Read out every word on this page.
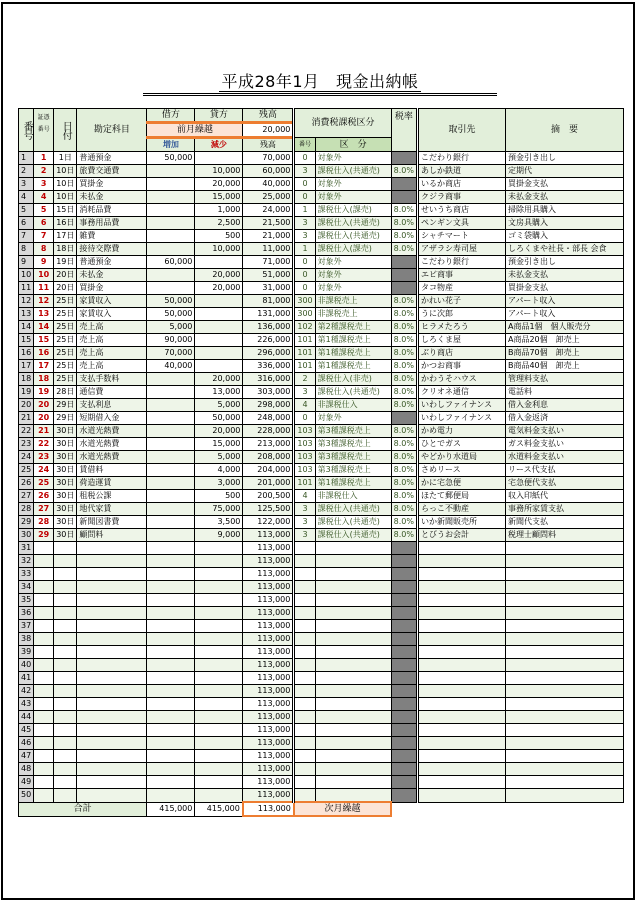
平成28年1月　現金出納帳
番号	証憑番号	日付	勘定科目	借方	貸方	残高	消費税課税区分		税率	取引先	摘　要
				前月繰越		20,000					
				増加	減少	残高	番号	区　分			
1	1	1日	普通預金	50,000		70,000	0	対象外		こだわり銀行	預金引き出し
2	2	10日	旅費交通費		10,000	60,000	3	課税仕入(共通売)	8.0%	あしか鉄道	定期代
3	3	10日	買掛金		20,000	40,000	0	対象外		いるか商店	買掛金支払
4	4	10日	未払金		15,000	25,000	0	対象外		クジラ商事	未払金支払
5	5	15日	消耗品費		1,000	24,000	1	課税仕入(課売)	8.0%	せいうち商店	掃除用具購入
6	6	16日	事務用品費		2,500	21,500	3	課税仕入(共通売)	8.0%	ペンギン文具	文房具購入
7	7	17日	雑費		500	21,000	3	課税仕入(共通売)	8.0%	シャチマート	ゴミ袋購入
8	8	18日	接待交際費		10,000	11,000	1	課税仕入(課売)	8.0%	アザラシ寿司屋	しろくまや社長・部長 会食
9	9	19日	普通預金	60,000		71,000	0	対象外		こだわり銀行	預金引き出し
10	10	20日	未払金		20,000	51,000	0	対象外		エビ商事	未払金支払
11	11	20日	買掛金		20,000	31,000	0	対象外		タコ物産	買掛金支払
12	12	25日	家賃収入	50,000		81,000	300	非課税売上	8.0%	かれい花子	アパート収入
13	13	25日	家賃収入	50,000		131,000	300	非課税売上	8.0%	うに次郎	アパート収入
14	14	25日	売上高	5,000		136,000	102	第2種課税売上	8.0%	ヒラメたろう	A商品1個　個人販売分
15	15	25日	売上高	90,000		226,000	101	第1種課税売上	8.0%	しろくま屋	A商品20個　卸売上
16	16	25日	売上高	70,000		296,000	101	第1種課税売上	8.0%	ぶり商店	B商品70個　卸売上
17	17	25日	売上高	40,000		336,000	101	第1種課税売上	8.0%	かつお商事	B商品40個　卸売上
18	18	25日	支払手数料		20,000	316,000	2	課税仕入(非売)	8.0%	かわうそハウス	管理料支払
19	19	28日	通信費		13,000	303,000	3	課税仕入(共通売)	8.0%	クリオネ通信	電話料
20	20	29日	支払利息		5,000	298,000	4	非課税仕入	8.0%	いわしファイナンス	借入金利息
21	20	29日	短期借入金		50,000	248,000	0	対象外		いわしファイナンス	借入金返済
22	21	30日	水道光熱費		20,000	228,000	103	第3種課税売上	8.0%	かめ電力	電気料金支払い
23	22	30日	水道光熱費		15,000	213,000	103	第3種課税売上	8.0%	ひとでガス	ガス料金支払い
24	23	30日	水道光熱費		5,000	208,000	103	第3種課税売上	8.0%	やどかり水道局	水道料金支払い
25	24	30日	賃借料		4,000	204,000	103	第3種課税売上	8.0%	さめリース	リース代支払
26	25	30日	荷造運賃		3,000	201,000	101	第1種課税売上	8.0%	かに宅急便	宅急便代支払
27	26	30日	租税公課		500	200,500	4	非課税仕入	8.0%	ほたて郵便局	収入印紙代
28	27	30日	地代家賃		75,000	125,500	3	課税仕入(共通売)	8.0%	らっこ不動産	事務所家賃支払
29	28	30日	新聞図書費		3,500	122,000	3	課税仕入(共通売)	8.0%	いか新聞販売所	新聞代支払
30	29	30日	顧問料		9,000	113,000	3	課税仕入(共通売)	8.0%	とびうお会計	税理士顧問料
31						113,000					
32						113,000					
33						113,000					
34						113,000					
35						113,000					
36						113,000					
37						113,000					
38						113,000					
39						113,000					
40						113,000					
41						113,000					
42						113,000					
43						113,000					
44						113,000					
45						113,000					
46						113,000					
47						113,000					
48						113,000					
49						113,000					
50						113,000					
合計				415,000	415,000	113,000	次月繰越				
